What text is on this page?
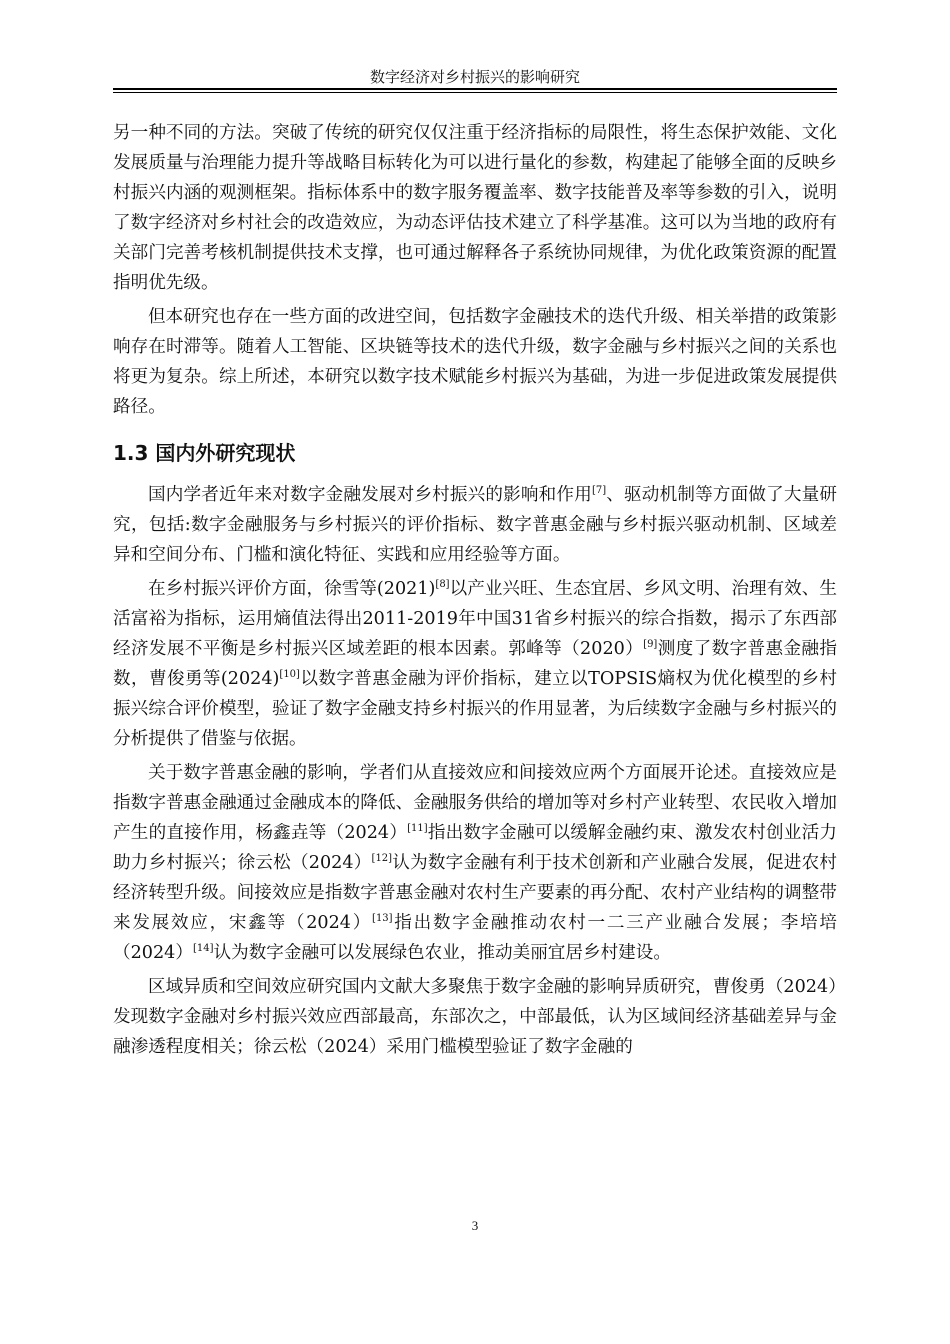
数字经济对乡村振兴的影响研究

另一种不同的方法。突破了传统的研究仅仅注重于经济指标的局限性，将生态保护效能、文化发展质量与治理能力提升等战略目标转化为可以进行量化的参数，构建起了能够全面的反映乡村振兴内涵的观测框架。指标体系中的数字服务覆盖率、数字技能普及率等参数的引入，说明了数字经济对乡村社会的改造效应，为动态评估技术建立了科学基准。这可以为当地的政府有关部门完善考核机制提供技术支撑，也可通过解释各子系统协同规律，为优化政策资源的配置指明优先级。

但本研究也存在一些方面的改进空间，包括数字金融技术的迭代升级、相关举措的政策影响存在时滞等。随着人工智能、区块链等技术的迭代升级，数字金融与乡村振兴之间的关系也将更为复杂。综上所述，本研究以数字技术赋能乡村振兴为基础，为进一步促进政策发展提供路径。

1.3 国内外研究现状

国内学者近年来对数字金融发展对乡村振兴的影响和作用[7]、驱动机制等方面做了大量研究，包括:数字金融服务与乡村振兴的评价指标、数字普惠金融与乡村振兴驱动机制、区域差异和空间分布、门槛和演化特征、实践和应用经验等方面。

在乡村振兴评价方面，徐雪等(2021)[8]以产业兴旺、生态宜居、乡风文明、治理有效、生活富裕为指标，运用熵值法得出2011-2019年中国31省乡村振兴的综合指数，揭示了东西部经济发展不平衡是乡村振兴区域差距的根本因素。郭峰等（2020）[9]测度了数字普惠金融指数，曹俊勇等(2024)[10]以数字普惠金融为评价指标，建立以TOPSIS熵权为优化模型的乡村振兴综合评价模型，验证了数字金融支持乡村振兴的作用显著，为后续数字金融与乡村振兴的分析提供了借鉴与依据。

关于数字普惠金融的影响，学者们从直接效应和间接效应两个方面展开论述。直接效应是指数字普惠金融通过金融成本的降低、金融服务供给的增加等对乡村产业转型、农民收入增加产生的直接作用，杨鑫垚等（2024）[11]指出数字金融可以缓解金融约束、激发农村创业活力助力乡村振兴；徐云松（2024）[12]认为数字金融有利于技术创新和产业融合发展，促进农村经济转型升级。间接效应是指数字普惠金融对农村生产要素的再分配、农村产业结构的调整带来发展效应，宋鑫等（2024）[13]指出数字金融推动农村一二三产业融合发展；李培培（2024）[14]认为数字金融可以发展绿色农业，推动美丽宜居乡村建设。

区域异质和空间效应研究国内文献大多聚焦于数字金融的影响异质研究，曹俊勇（2024）发现数字金融对乡村振兴效应西部最高，东部次之，中部最低，认为区域间经济基础差异与金融渗透程度相关；徐云松（2024）采用门槛模型验证了数字金融的

3
